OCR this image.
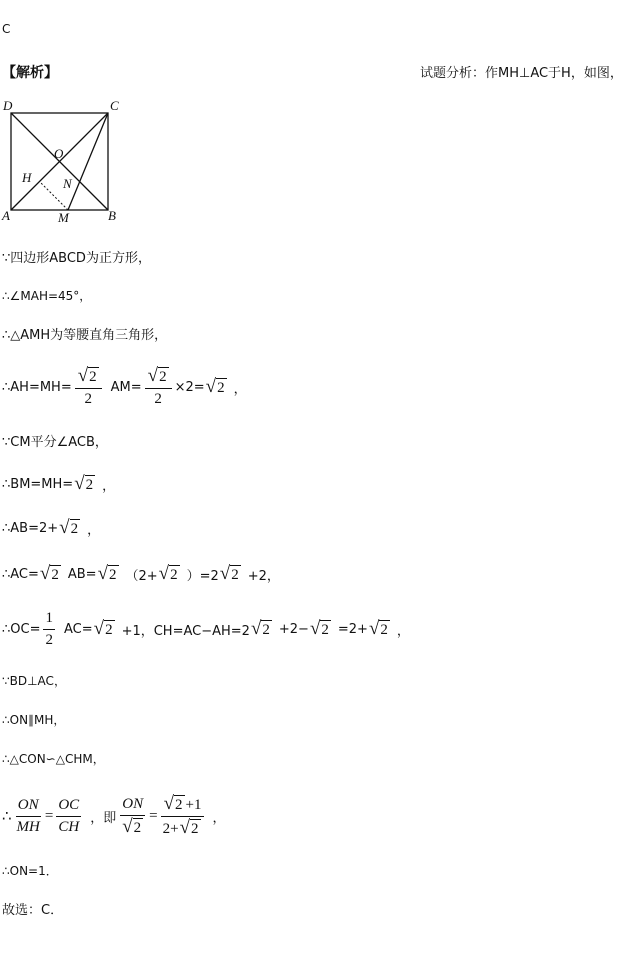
C
【解析】	试题分析：作MH⊥AC于H，如图，
D	C
A	B
O
H N
M
∵四边形ABCD为正方形，
∴∠MAH=45°，
∴△AMH为等腰直角三角形，
∴AH=MH= $\frac{√ 2}{2} AM= \frac{√ 2}{2} \times 2=$ √ 2 ，
∵CM平分∠ACB，
∴BM=MH= √ 2 ，
∴AB=2+ √ 2 ，
∴AC= √ 2 AB= √ 2 （2+ √ 2 ）=2 √ 2 +2，
∴OC= $\frac{1}{2} AC=$ √ 2 +1，CH=AC−AH=2 √ 2 +2− √ 2 =2+ √ 2 ，
∵BD⊥AC，
∴ON∥MH，
∴△CON∽△CHM，
∴ $\frac{ON}{MH} = \frac{OC}{CH}$ ，即 $\frac{ON}{√ 2} = \frac{√ 2 +1}{2+ √ 2}$ ，
∴ON=1．
故选：C．
